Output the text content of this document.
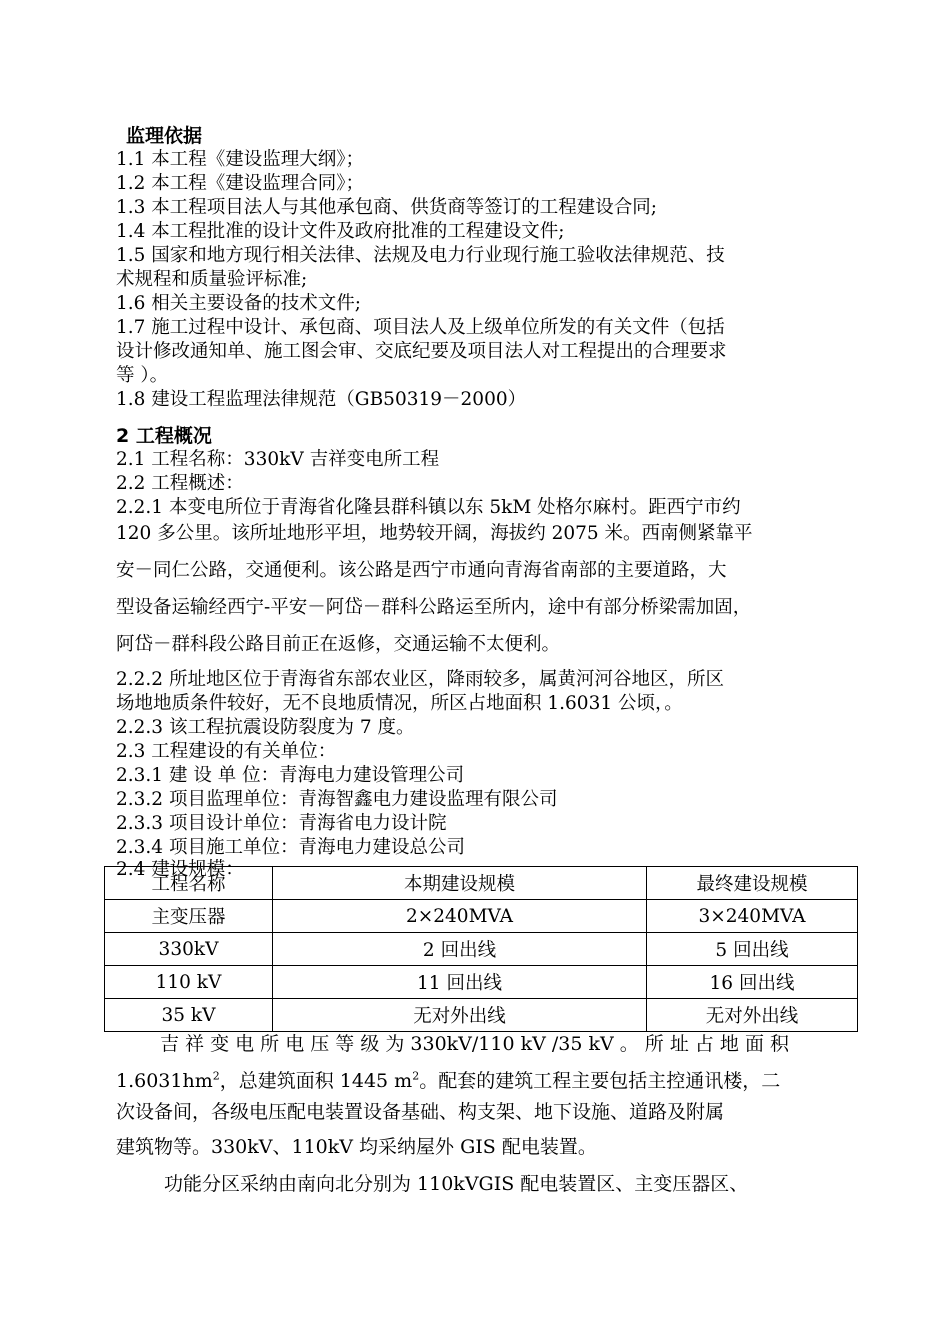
监理依据
1.1 本工程《建设监理大纲》；
1.2 本工程《建设监理合同》；
1.3 本工程项目法人与其他承包商、供货商等签订的工程建设合同;
1.4 本工程批准的设计文件及政府批准的工程建设文件;
1.5 国家和地方现行相关法律、法规及电力行业现行施工验收法律规范、技
术规程和质量验评标准;
1.6 相关主要设备的技术文件;
1.7 施工过程中设计、承包商、项目法人及上级单位所发的有关文件（包括
设计修改通知单、施工图会审、交底纪要及项目法人对工程提出的合理要求
等 ）。
1.8 建设工程监理法律规范（GB50319－2000）
2 工程概况
2.1 工程名称：330kV 吉祥变电所工程
2.2 工程概述：
2.2.1 本变电所位于青海省化隆县群科镇以东 5kM 处格尔麻村。距西宁市约
120 多公里。该所址地形平坦，地势较开阔，海拔约 2075 米。西南侧紧靠平
安－同仁公路，交通便利。该公路是西宁市通向青海省南部的主要道路，大
型设备运输经西宁-平安－阿岱－群科公路运至所内，途中有部分桥梁需加固，
阿岱－群科段公路目前正在返修，交通运输不太便利。
2.2.2 所址地区位于青海省东部农业区，降雨较多，属黄河河谷地区，所区
场地地质条件较好，无不良地质情况，所区占地面积 1.6031 公顷，。
2.2.3 该工程抗震设防裂度为 7 度。
2.3 工程建设的有关单位：
2.3.1 建 设 单 位：青海电力建设管理公司
2.3.2 项目监理单位：青海智鑫电力建设监理有限公司
2.3.3 项目设计单位：青海省电力设计院
2.3.4 项目施工单位：青海电力建设总公司
2.4 建设规模：
工程名称	本期建设规模	最终建设规模
主变压器	2×240MVA	3×240MVA
330kV	2 回出线	5 回出线
110 kV	11 回出线	16 回出线
35 kV	无对外出线	无对外出线
吉 祥 变 电 所 电 压 等 级 为 330kV/110 kV /35 kV 。 所 址 占 地 面 积
$1.6031hm^2$，总建筑面积 1445 $m^2$。配套的建筑工程主要包括主控通讯楼，二
次设备间，各级电压配电装置设备基础、构支架、地下设施、道路及附属
建筑物等。330kV、110kV 均采纳屋外 GIS 配电装置。
功能分区采纳由南向北分别为 110kVGIS 配电装置区、主变压器区、
